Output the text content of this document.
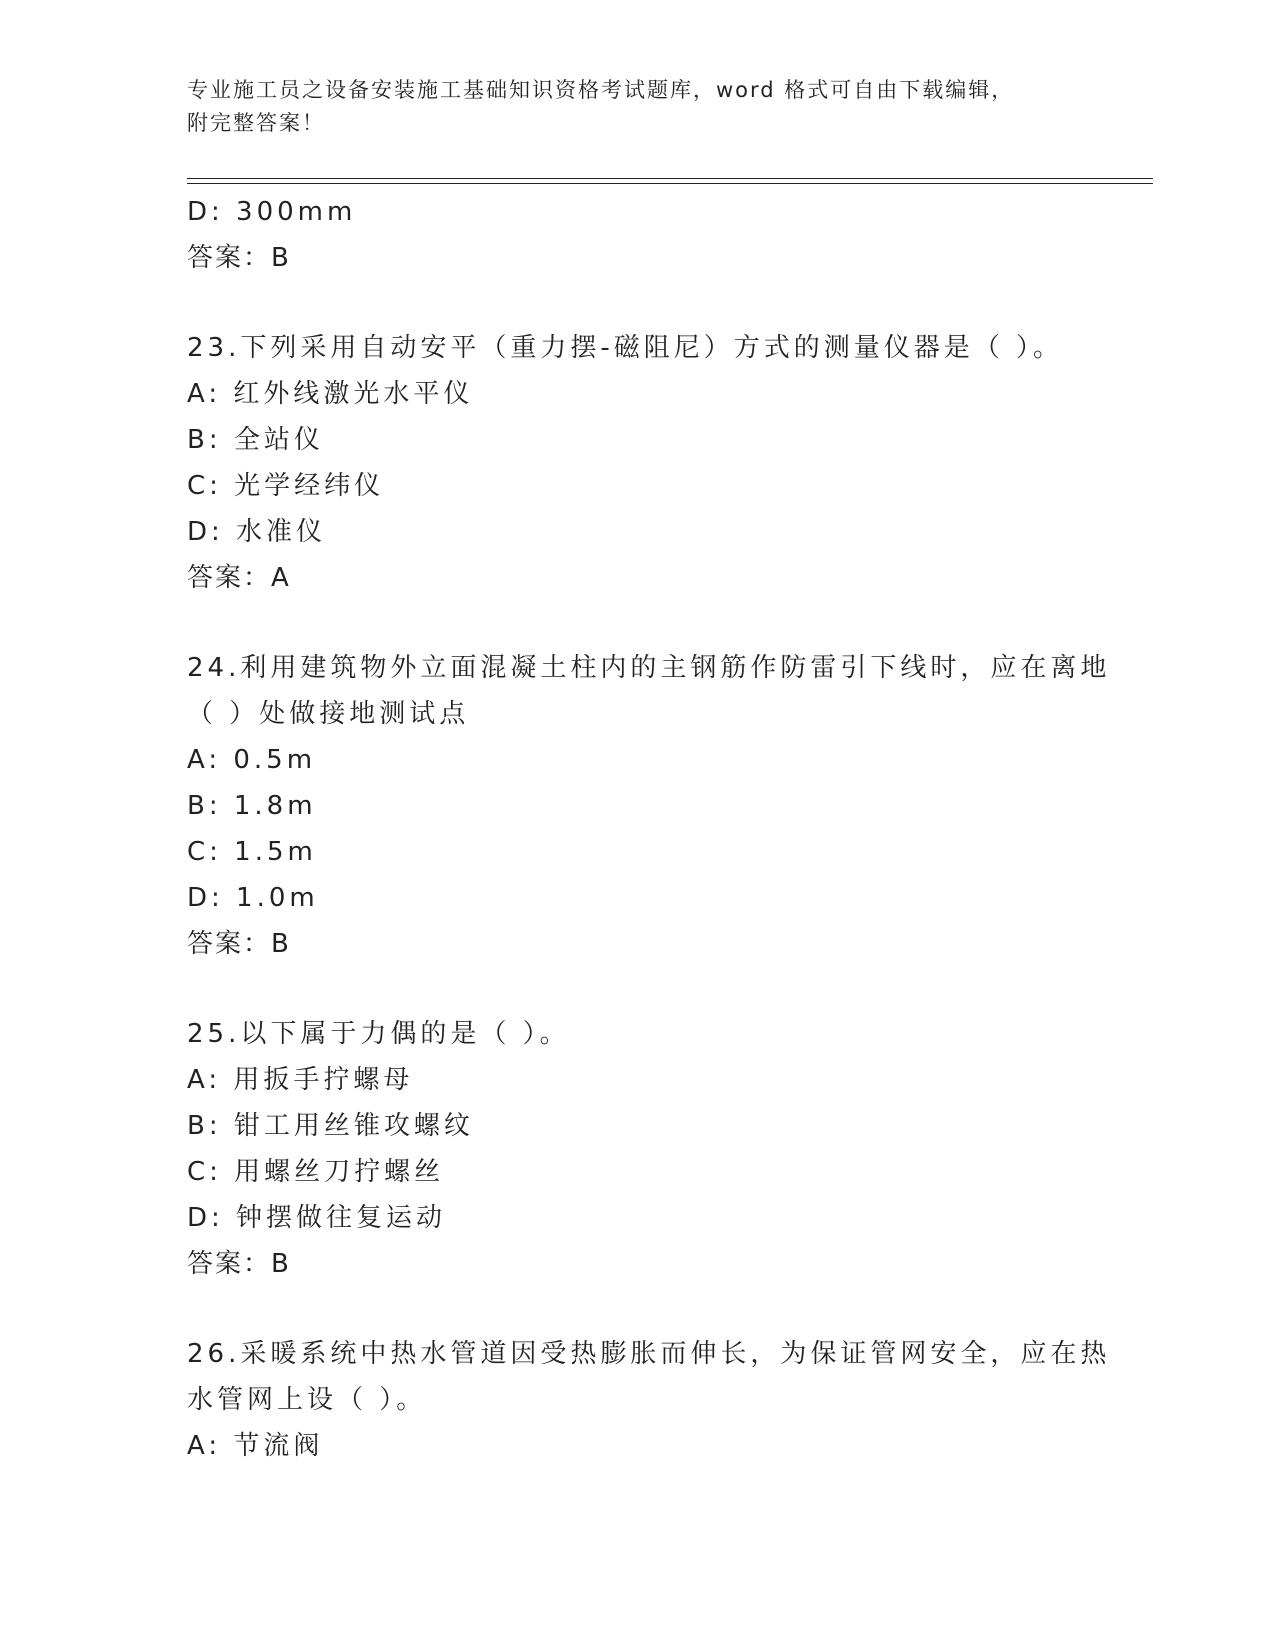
专业施工员之设备安装施工基础知识资格考试题库，word 格式可自由下载编辑，
附完整答案！
D: 300mm
答案：B
23.下列采用自动安平（重力摆-磁阻尼）方式的测量仪器是（ ）。
A: 红外线激光水平仪
B: 全站仪
C: 光学经纬仪
D: 水准仪
答案：A
24.利用建筑物外立面混凝土柱内的主钢筋作防雷引下线时，应在离地
（ ）处做接地测试点
A: 0.5m
B: 1.8m
C: 1.5m
D: 1.0m
答案：B
25.以下属于力偶的是（ ）。
A: 用扳手拧螺母
B: 钳工用丝锥攻螺纹
C: 用螺丝刀拧螺丝
D: 钟摆做往复运动
答案：B
26.采暖系统中热水管道因受热膨胀而伸长，为保证管网安全，应在热
水管网上设（ ）。
A: 节流阀
